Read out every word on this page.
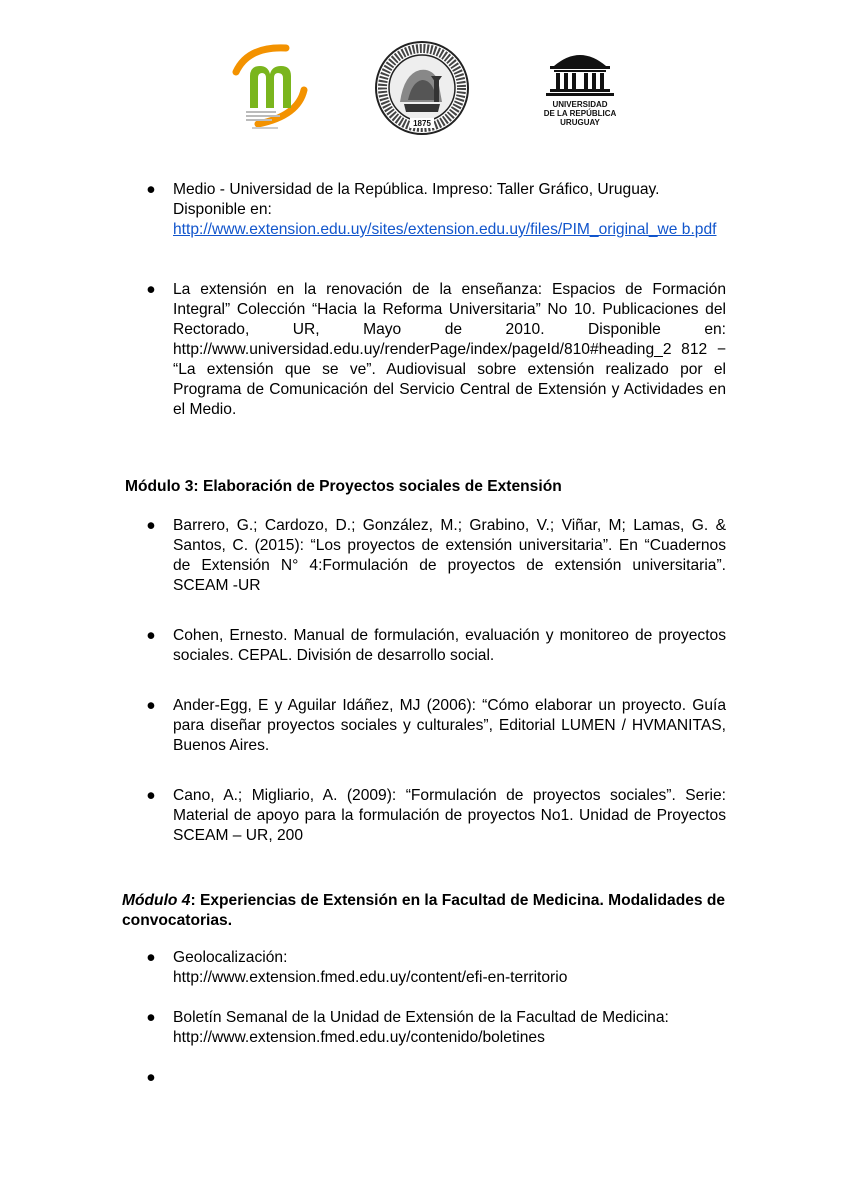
1875
UNIVERSIDAD
DE LA REPÚBLICA
URUGUAY
● Medio - Universidad de la República. Impreso: Taller Gráfico, Uruguay. Disponible en:
http://www.extension.edu.uy/sites/extension.edu.uy/files/PIM_original_we b.pdf

● La extensión en la renovación de la enseñanza: Espacios de Formación Integral” Colección “Hacia la Reforma Universitaria” No 10. Publicaciones del Rectorado, UR, Mayo de 2010. Disponible en: http://www.universidad.edu.uy/renderPage/index/pageId/810#heading_2 812 − “La extensión que se ve”. Audiovisual sobre extensión realizado por el Programa de Comunicación del Servicio Central de Extensión y Actividades en el Medio.

Módulo 3: Elaboración de Proyectos sociales de Extensión
● Barrero, G.; Cardozo, D.; González, M.; Grabino, V.; Viñar, M; Lamas, G. & Santos, C. (2015): “Los proyectos de extensión universitaria”. En “Cuadernos de Extensión N° 4:Formulación de proyectos de extensión universitaria”. SCEAM -UR

● Cohen, Ernesto. Manual de formulación, evaluación y monitoreo de proyectos sociales. CEPAL. División de desarrollo social.

● Ander-Egg, E y Aguilar Idáñez, MJ (2006): “Cómo elaborar un proyecto. Guía para diseñar proyectos sociales y culturales”, Editorial LUMEN / HVMANITAS, Buenos Aires.

● Cano, A.; Migliario, A. (2009): “Formulación de proyectos sociales”. Serie: Material de apoyo para la formulación de proyectos No1. Unidad de Proyectos SCEAM – UR, 200

Módulo 4: Experiencias de Extensión en la Facultad de Medicina. Modalidades de convocatorias.
● Geolocalización:
http://www.extension.fmed.edu.uy/content/efi-en-territorio

● Boletín Semanal de la Unidad de Extensión de la Facultad de Medicina:
http://www.extension.fmed.edu.uy/contenido/boletines

●
